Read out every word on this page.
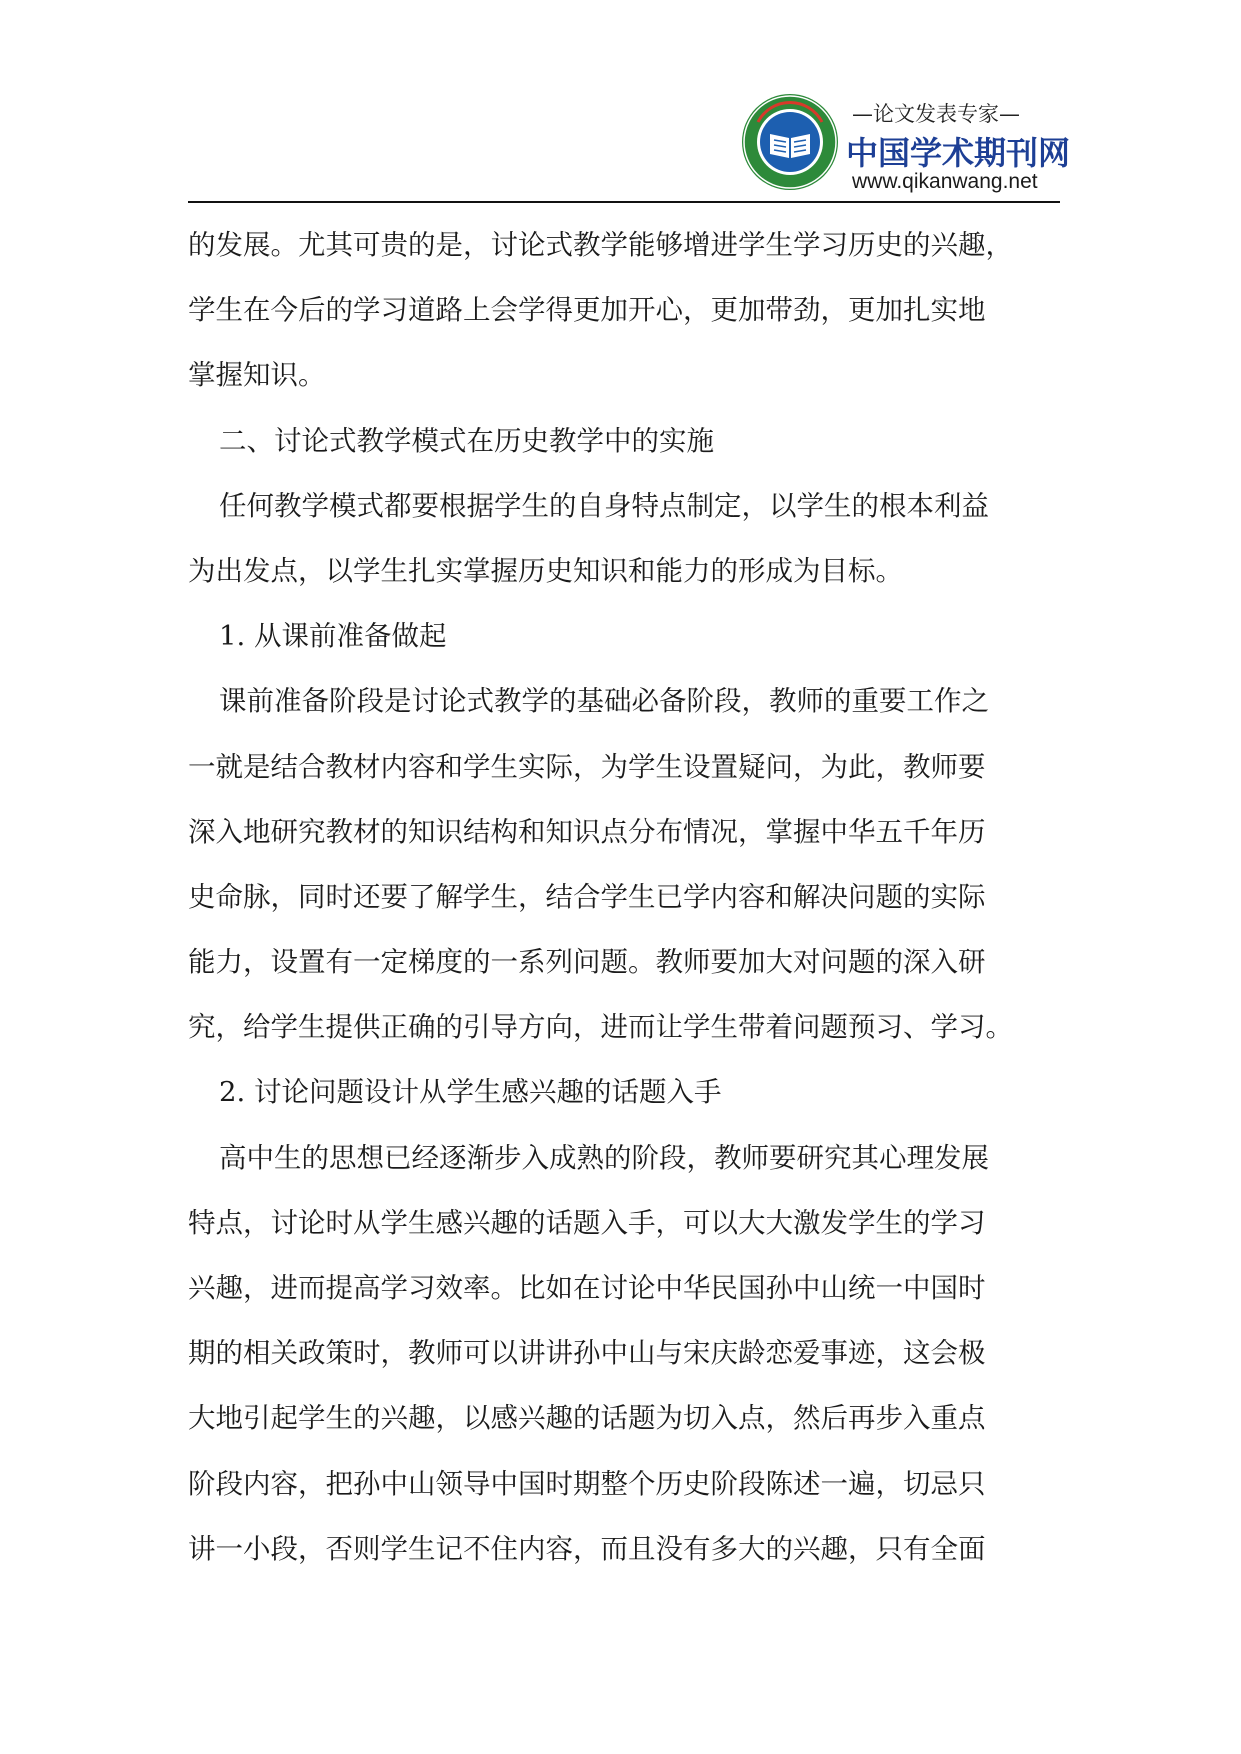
—论文发表专家—
中国学术期刊网
www.qikanwang.net
的发展。尤其可贵的是，讨论式教学能够增进学生学习历史的兴趣，
学生在今后的学习道路上会学得更加开心，更加带劲，更加扎实地
掌握知识。
二、讨论式教学模式在历史教学中的实施
任何教学模式都要根据学生的自身特点制定，以学生的根本利益
为出发点，以学生扎实掌握历史知识和能力的形成为目标。
1. 从课前准备做起
课前准备阶段是讨论式教学的基础必备阶段，教师的重要工作之
一就是结合教材内容和学生实际，为学生设置疑问，为此，教师要
深入地研究教材的知识结构和知识点分布情况，掌握中华五千年历
史命脉，同时还要了解学生，结合学生已学内容和解决问题的实际
能力，设置有一定梯度的一系列问题。教师要加大对问题的深入研
究，给学生提供正确的引导方向，进而让学生带着问题预习、学习。
2. 讨论问题设计从学生感兴趣的话题入手
高中生的思想已经逐渐步入成熟的阶段，教师要研究其心理发展
特点，讨论时从学生感兴趣的话题入手，可以大大激发学生的学习
兴趣，进而提高学习效率。比如在讨论中华民国孙中山统一中国时
期的相关政策时，教师可以讲讲孙中山与宋庆龄恋爱事迹，这会极
大地引起学生的兴趣，以感兴趣的话题为切入点，然后再步入重点
阶段内容，把孙中山领导中国时期整个历史阶段陈述一遍，切忌只
讲一小段，否则学生记不住内容，而且没有多大的兴趣，只有全面
